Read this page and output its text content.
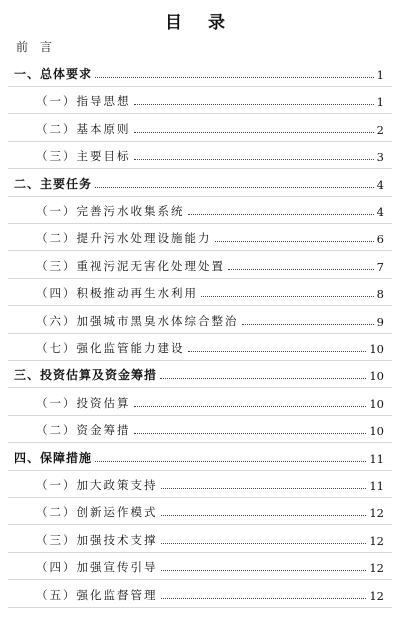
目 录
前 言
一、总体要求	1
（一）指导思想	1
（二）基本原则	2
（三）主要目标	3
二、主要任务	4
（一）完善污水收集系统	4
（二）提升污水处理设施能力	6
（三）重视污泥无害化处理处置	7
（四）积极推动再生水利用	8
（六）加强城市黑臭水体综合整治	9
（七）强化监管能力建设	10
三、投资估算及资金筹措	10
（一）投资估算	10
（二）资金筹措	10
四、保障措施	11
（一）加大政策支持	11
（二）创新运作模式	12
（三）加强技术支撑	12
（四）加强宣传引导	12
（五）强化监督管理	12
